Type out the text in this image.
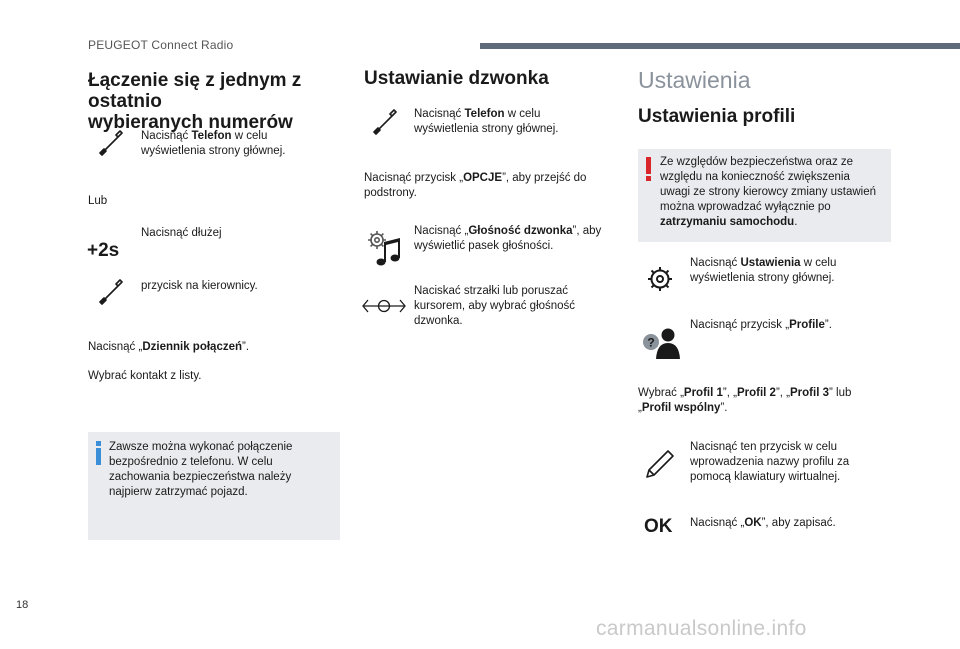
PEUGEOT Connect Radio
Łączenie się z jednym z ostatnio
wybieranych numerów
Nacisnąć Telefon w celu
wyświetlenia strony głównej.
Lub
+2s
Nacisnąć dłużej
przycisk na kierownicy.
Nacisnąć „Dziennik połączeń”.
Wybrać kontakt z listy.
Zawsze można wykonać połączenie
bezpośrednio z telefonu. W celu
zachowania bezpieczeństwa należy
najpierw zatrzymać pojazd.
Ustawianie dzwonka
Nacisnąć Telefon w celu
wyświetlenia strony głównej.
Nacisnąć przycisk „OPCJE”, aby przejść do
podstrony.
Nacisnąć „Głośność dzwonka”, aby
wyświetlić pasek głośności.
Naciskać strzałki lub poruszać
kursorem, aby wybrać głośność
dzwonka.
Ustawienia
Ustawienia profili
Ze względów bezpieczeństwa oraz ze
względu na konieczność zwiększenia
uwagi ze strony kierowcy zmiany ustawień
można wprowadzać wyłącznie po
zatrzymaniu samochodu.
Nacisnąć Ustawienia w celu
wyświetlenia strony głównej.
?
Nacisnąć przycisk „Profile”.
Wybrać „Profil 1”, „Profil 2”, „Profil 3” lub
„Profil wspólny”.
Nacisnąć ten przycisk w celu
wprowadzenia nazwy profilu za
pomocą klawiatury wirtualnej.
OK Nacisnąć „OK”, aby zapisać.
18
carmanualsonline.info
